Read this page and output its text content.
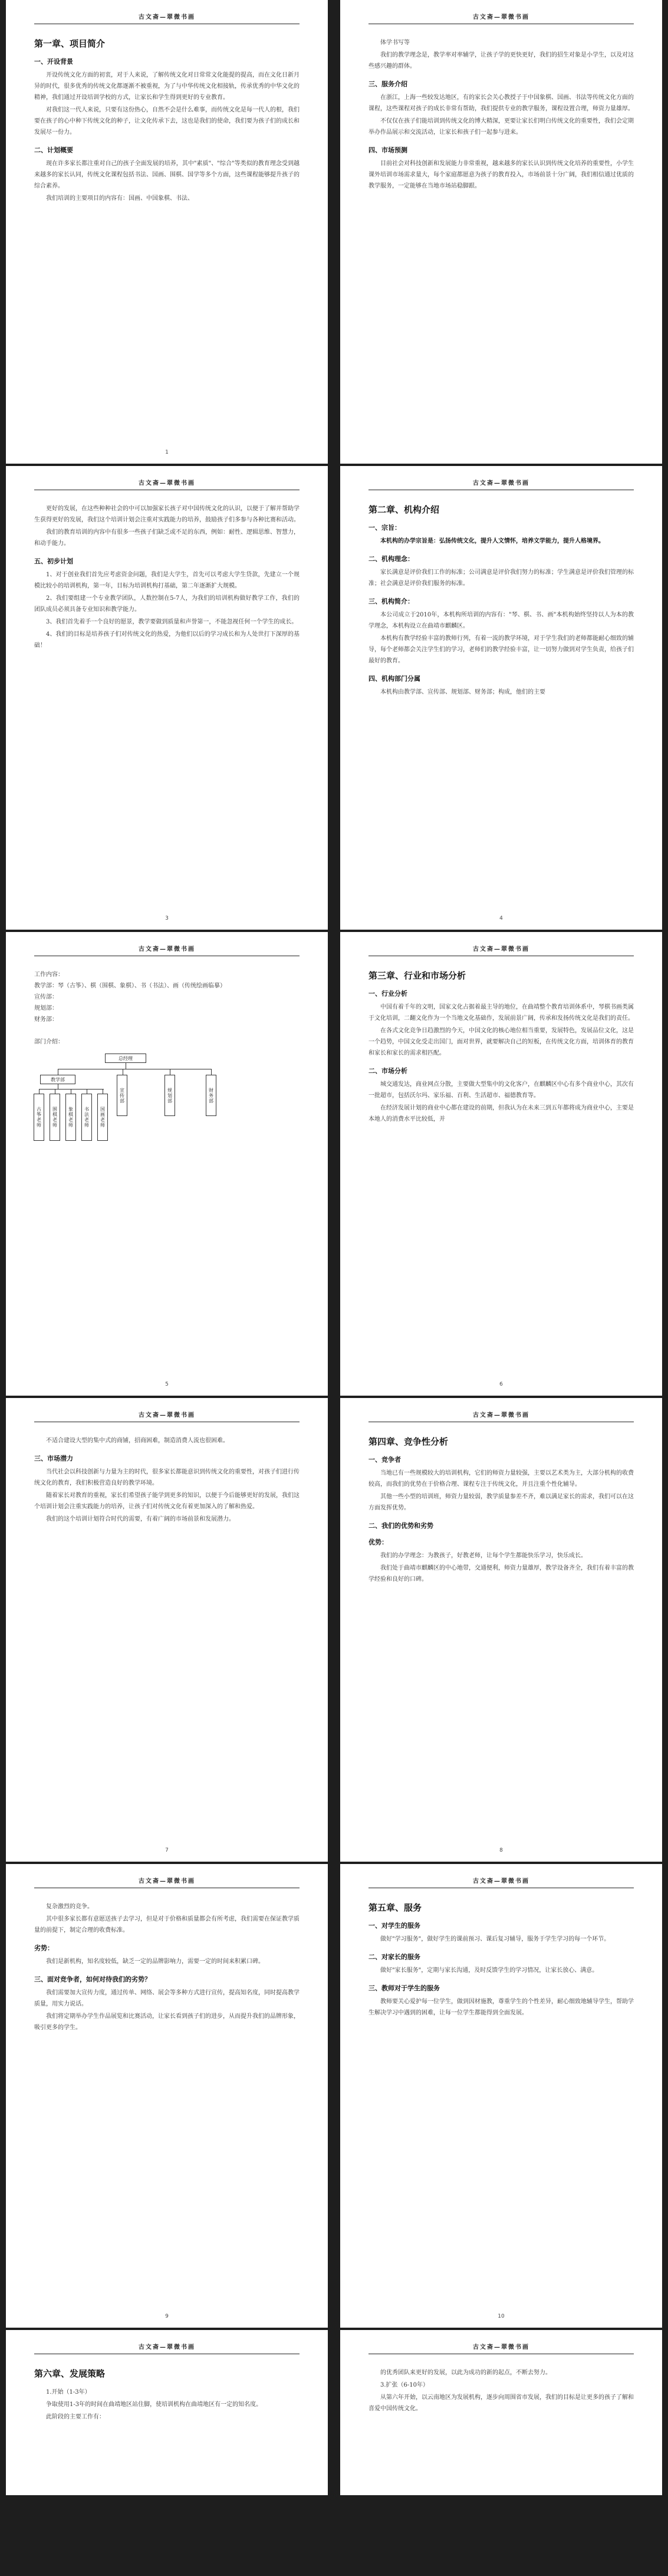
古文斋—翠微书画
第一章、项目简介
一、开设背景
开设传统文化方面的初衷，对于人来说，了解传统文化对日常常文化能提的提高，而在文化日新月异的时代，很多优秀的传统文化都逐渐不被重视，为了与中华传统文化相接轨，传承优秀的中华文化的精神，我们通过开设培训学校的方式，让家长和学生得到更好的专业教育。
对我们这一代人来说，只要有这份热心，自然不会是什么难事，而传统文化是每一代人的根，我们要在孩子的心中种下传统文化的种子，让文化传承下去，这也是我们的使命，我们要为孩子们的成长和发展尽一份力。
二、计划概要
现在许多家长都注重对自己的孩子全面发展的培养，其中"素质"、"综合"等类似的教育理念受到越来越多的家长认同，传统文化课程包括书法、国画、围棋、国学等多个方面，这些课程能够提升孩子的综合素养。
我们培训的主要项目的内容有：国画、中国象棋、书法、
1
古文斋—翠微书画
体学书写等
我们的教学理念是，教学率对率辅学，让孩子学的更快更好，我们的招生对象是小学生，以及对这些感兴趣的群体。
三、服务介绍
在浙江，上海一些较发达地区，有的家长会关心教授子于中国象棋、国画、书法等传统文化方面的课程，这些课程对孩子的成长非常有帮助，我们提供专业的教学服务，课程设置合理，师资力量雄厚。
不仅仅在孩子们能培训到传统文化的博大精深，更要让家长们明白传统文化的重要性，我们会定期举办作品展示和交流活动，让家长和孩子们一起参与进来。
四、市场预测
目前社会对科技创新和发展能力非常重视，越来越多的家长认识到传统文化培养的重要性，小学生课外培训市场需求量大，每个家庭都愿意为孩子的教育投入，市场前景十分广阔，我们相信通过优质的教学服务，一定能够在当地市场站稳脚跟。
古文斋—翠微书画
更好的发展，在这些种种社会的中可以加强家长孩子对中国传统文化的认识，以便于了解并帮助学生获得更好的发展，我们这个培训计划会注重对实践能力的培养，鼓励孩子们多参与各种比赛和活动。
我们的教育培训的内容中有很多一些孩子们缺乏或不足的东西，例如：耐性、逻辑思维、智慧力，和动手能力。
五、初步计划
1、对于创业我们首先应考虑资金问题，我们是大学生，首先可以考虑大学生贷款，先建立一个规模比较小的培训机构，第一年，目标为培训机构打基础，第二年逐渐扩大规模。
2、我们要组建一个专业教学团队，人数控制在5-7人，为我们的培训机构做好教学工作，我们的团队成员必须具备专业知识和教学能力。
3、我们首先着手一个良好的愿景，教学要做到质量和声誉第一，不能忽视任何一个学生的成长。
4、我们的目标是培养孩子们对传统文化的热爱，为他们以后的学习成长和为人处世打下深厚的基础！
3
古文斋—翠微书画
第二章、机构介绍
一、宗旨：
本机构的办学宗旨是：弘扬传统文化，提升人文情怀，培养文学能力，提升人格境界。
二、机构理念：
家长满意是评价我们工作的标准；公司满意是评价我们努力的标准；学生满意是评价我们管理的标准；社会满意是评价我们服务的标准。
三、机构简介：
本公司成立于2010年，本机构所培训的内容有："琴、棋、书、画"本机构始终坚持以人为本的教学理念，本机构设立在曲靖市麒麟区。
本机构有教学经验丰富的教师行列，有着一流的教学环境，对于学生我们的老师都能耐心细致的辅导，每个老师都会关注学生们的学习，老师们的教学经验丰富，让一切努力做到对学生负责，给孩子们最好的教育。
四、机构部门分属
本机构由教学部、宣传部、规划部、财务部；构成，他们的主要
4
古文斋—翠微书画
工作内容：
教学部：琴（古筝）、棋（围棋、象棋）、书（书法）、画（传统绘画临摹）
宣传部：
规划部：
财务部：

部门介绍：
总经理
教学部
宣传部	规划部	财务部
古筝老师	围棋老师	象棋老师	书法老师	国画老师
5
古文斋—翠微书画
第三章、行业和市场分析
一、行业分析
中国有着千年的文明，国家文化占据着最主导的地位，在曲靖整个教育培训体系中，琴棋书画类属于文化培训，二翻文化作为一个当地文化基础作，发展前景广阔，传承和发扬传统文化是我们的责任。
在各式文化竞争日趋激烈的今天，中国文化的核心地位相当重要，发展特色，发展品位文化，这是一个趋势，中国文化受走出国门，面对世界，就要解决自己的短板，在传统文化方面，培训体育的教育和家长和家长的需求相匹配。
二、市场分析
城交通发达，商业网点分散，主要做大型集中的文化客户，在麒麟区中心有多个商业中心，其次有一批超市，包括沃尔玛、家乐福、百利、生活超市、福德教育等。
在经济发展计划的商业中心都在建设的前期，但我认为在未来三到五年都将成为商业中心，主要是本地人的消费水平比较低，并
6
古文斋—翠微书画
不适合建设大型的集中式的商铺，招商困难，制造消费人流也很困难。
三、市场潜力
当代社会以科技创新与力量为主的时代，很多家长都能意识到传统文化的重要性，对孩子们进行传统文化的教育，我们积极营造良好的教学环境。
随着家长对教育的重视，家长们希望孩子能学到更多的知识，以便于今后能够更好的发展，我们这个培训计划会注重实践能力的培养，让孩子们对传统文化有着更加深入的了解和热爱。
我们的这个培训计划符合时代的需要，有着广阔的市场前景和发展潜力。
7
古文斋—翠微书画
第四章、竞争性分析
一、竞争者
当地已有一些规模较大的培训机构，它们的师资力量较强，主要以艺术类为主，大部分机构的收费较高，而我们的优势在于价格合理、课程专注于传统文化，并且注重个性化辅导。
其他一些小型的培训班，师资力量较弱，教学质量参差不齐，难以满足家长的需求，我们可以在这方面发挥优势。
二、我们的优势和劣势
优势：
我们的办学理念：为教孩子，好教老师，让每个学生都能快乐学习，快乐成长。
我们处于曲靖市麒麟区的中心地带，交通便利，师资力量雄厚，教学设备齐全，我们有着丰富的教学经验和良好的口碑。
8
古文斋—翠微书画
复杂激烈的竞争。
其中很多家长都有意愿送孩子去学习，但是对于价格和质量都会有所考虑，我们需要在保证教学质量的前提下，制定合理的收费标准。
劣势：
我们是新机构，知名度较低，缺乏一定的品牌影响力，需要一定的时间来积累口碑。
三、面对竞争者，如何对待我们的劣势？
我们需要加大宣传力度，通过传单、网络、展会等多种方式进行宣传，提高知名度，同时提高教学质量，用实力说话。
我们将定期举办学生作品展览和比赛活动，让家长看到孩子们的进步，从而提升我们的品牌形象，吸引更多的学生。
9
古文斋—翠微书画
第五章、服务
一、对学生的服务
做好"学习服务"，做好学生的课前预习、课后复习辅导，服务于学生学习的每一个环节。
二、对家长的服务
做好"家长服务"，定期与家长沟通，及时反馈学生的学习情况，让家长放心、满意。
三、教师对于学生的服务
教师要关心爱护每一位学生，做到因材施教，尊重学生的个性差异，耐心细致地辅导学生，帮助学生解决学习中遇到的困难，让每一位学生都能得到全面发展。
10
古文斋—翠微书画
第六章、发展策略
1.开始（1-3年）
争取使用1-3年的时间在曲靖地区站住脚，使培训机构在曲靖地区有一定的知名度。
此阶段的主要工作有：
古文斋—翠微书画
的优秀团队来更好的发展，以此为成功的新的起点，不断去努力。
3.扩张（6-10年）
从第六年开始，以云南地区为发展机构，逐步向周围省市发展，我们的目标是让更多的孩子了解和喜爱中国传统文化。
